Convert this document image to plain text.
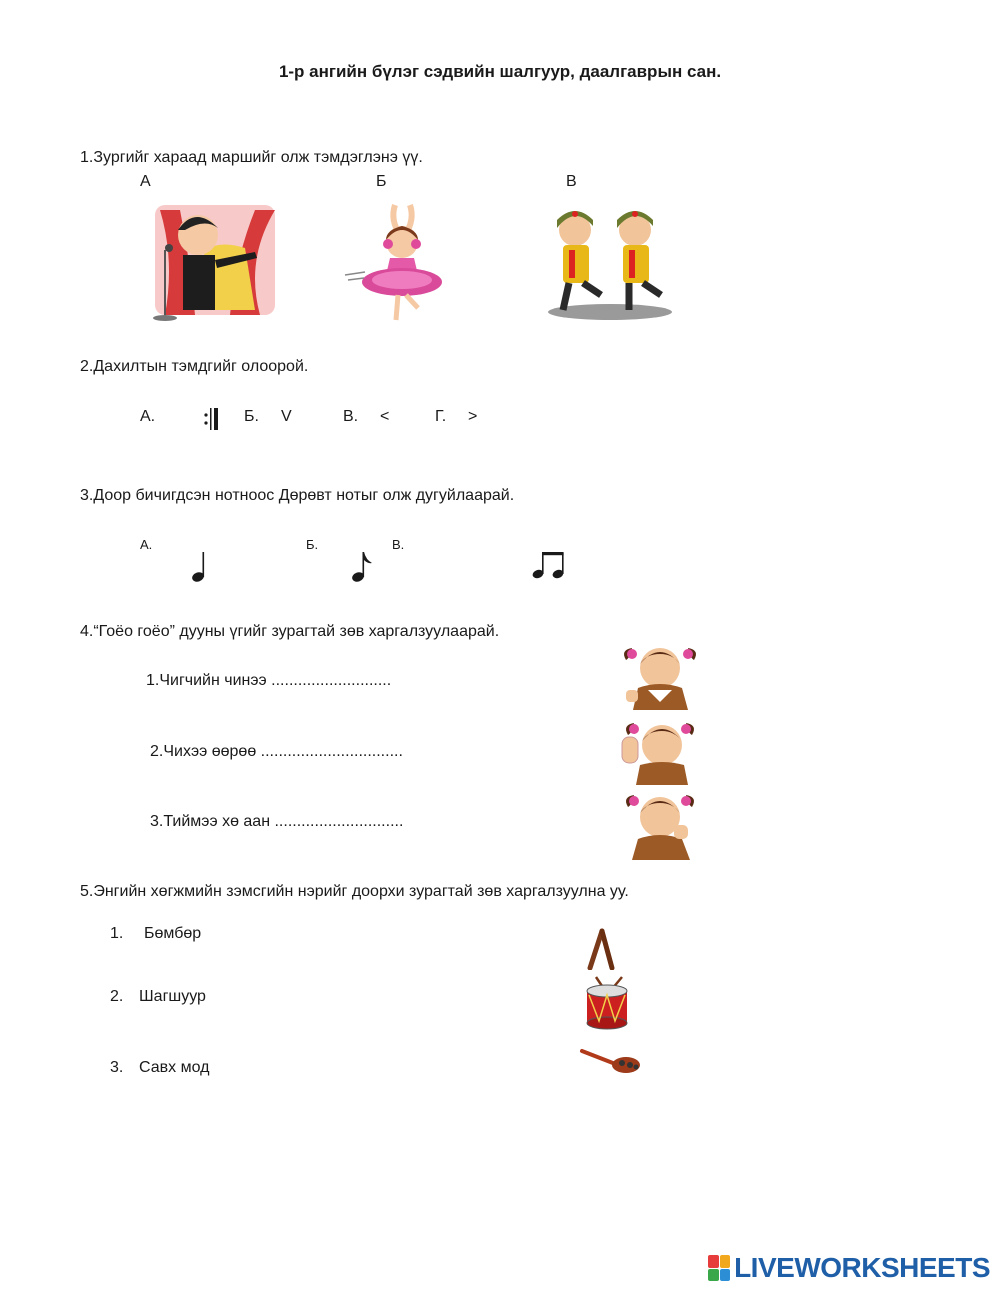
1-р ангийн бүлэг сэдвийн шалгуур, даалгаврын сан.
1.Зургийг хараад маршийг олж тэмдэглэнэ үү.
А	Б	В
2.Дахилтын тэмдгийг олоорой.
А.	Б. V	В. <	Г. >
3.Доор бичигдсэн нотноос Дөрөвт нотыг олж дугуйлаарай.
А.	Б.	В.
4.“Гоёо гоёо” дууны үгийг зурагтай зөв харгалзуулаарай.
1.Чигчийн чинээ ...........................
2.Чихээ өөрөө ................................
3.Тиймээ хө аан .............................
5.Энгийн хөгжмийн зэмсгийн нэрийг доорхи зурагтай зөв харгалзуулна уу.
1. Бөмбөр
2. Шагшуур
3. Савх мод
LIVEWORKSHEETS
